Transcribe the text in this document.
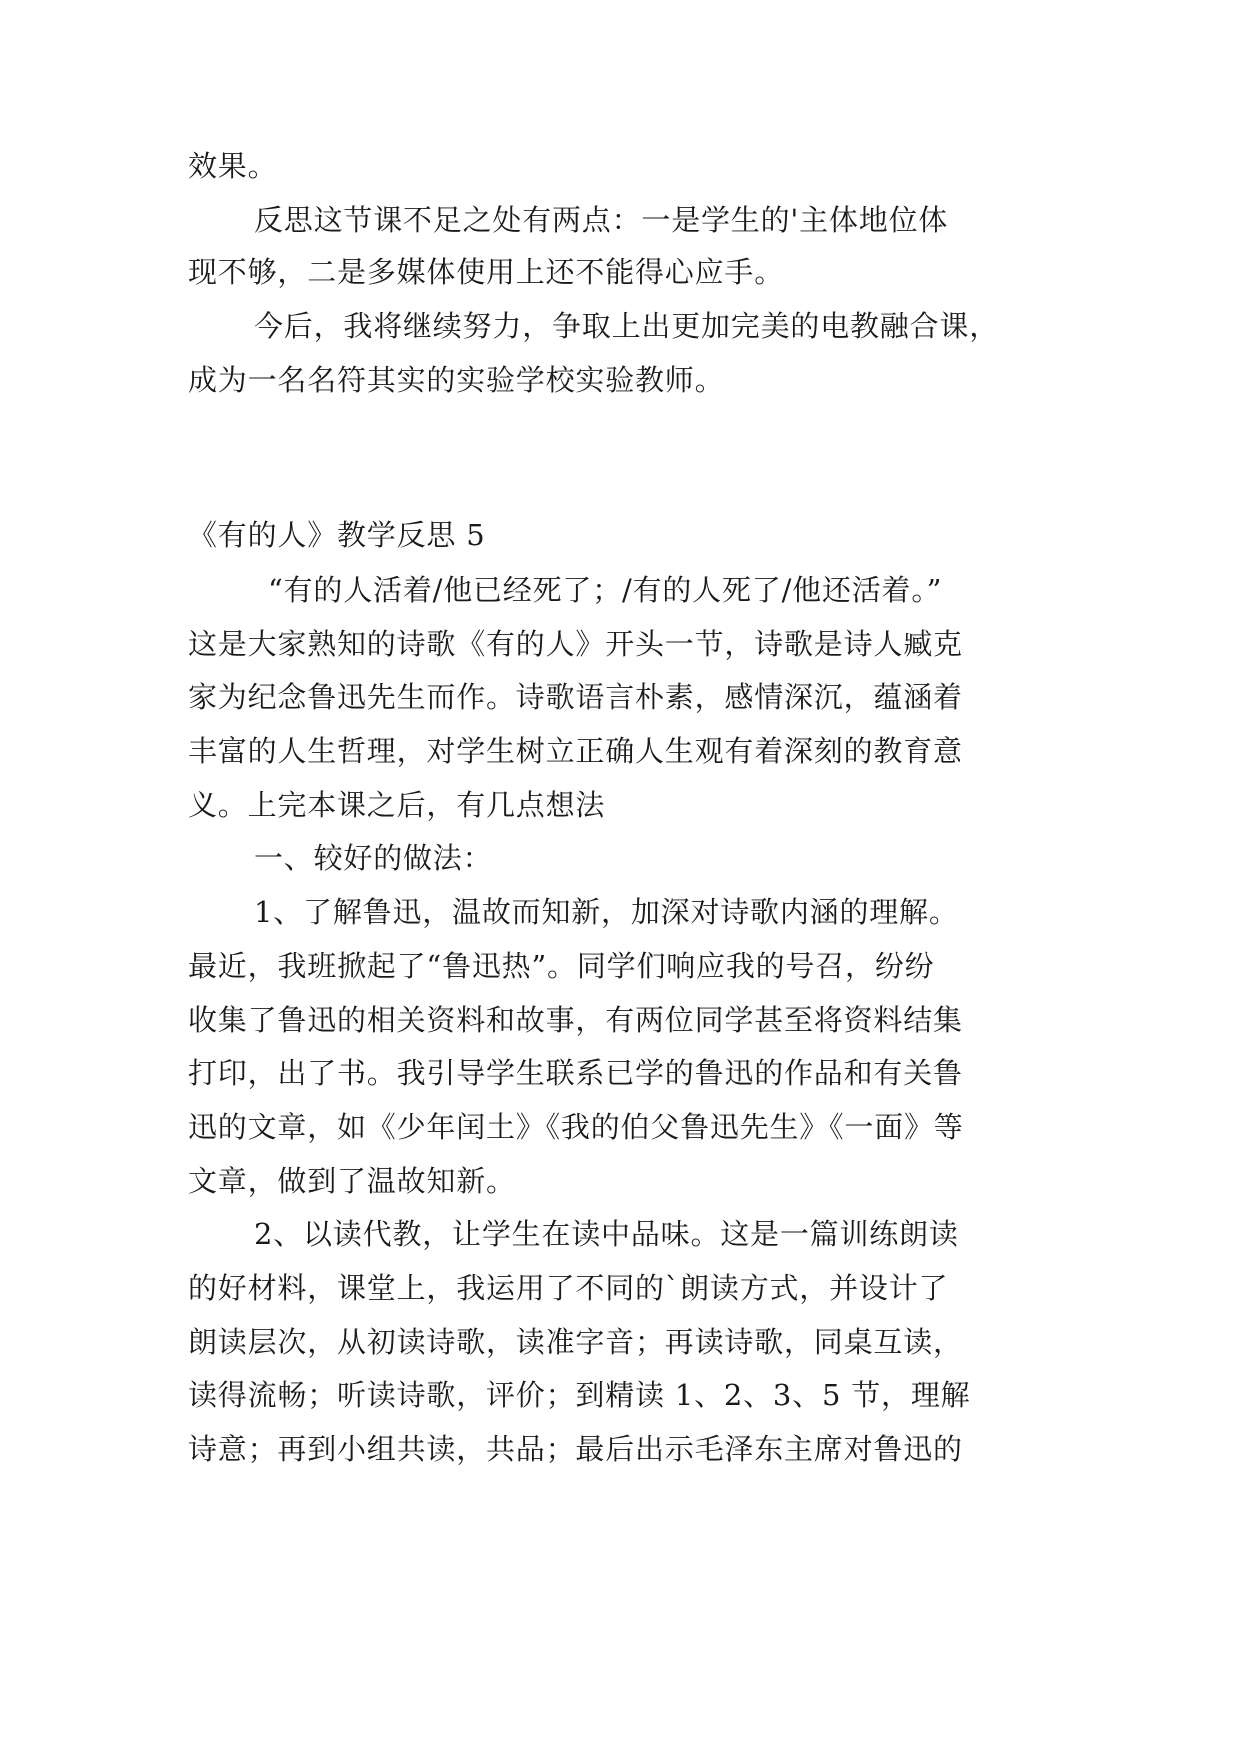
效果。
反思这节课不足之处有两点：一是学生的'主体地位体
现不够，二是多媒体使用上还不能得心应手。
今后，我将继续努力，争取上出更加完美的电教融合课，
成为一名名符其实的实验学校实验教师。
《有的人》教学反思 5
“有的人活着/他已经死了；/有的人死了/他还活着。”
这是大家熟知的诗歌《有的人》开头一节，诗歌是诗人臧克
家为纪念鲁迅先生而作。诗歌语言朴素，感情深沉，蕴涵着
丰富的人生哲理，对学生树立正确人生观有着深刻的教育意
义。上完本课之后，有几点想法
一、较好的做法：
1、了解鲁迅，温故而知新，加深对诗歌内涵的理解。
最近，我班掀起了“鲁迅热”。同学们响应我的号召，纷纷
收集了鲁迅的相关资料和故事，有两位同学甚至将资料结集
打印，出了书。我引导学生联系已学的鲁迅的作品和有关鲁
迅的文章，如《少年闰土》《我的伯父鲁迅先生》《一面》等
文章，做到了温故知新。
2、以读代教，让学生在读中品味。这是一篇训练朗读
的好材料，课堂上，我运用了不同的`朗读方式，并设计了
朗读层次，从初读诗歌，读准字音；再读诗歌，同桌互读，
读得流畅；听读诗歌，评价；到精读 1、2、3、5 节，理解
诗意；再到小组共读，共品；最后出示毛泽东主席对鲁迅的
